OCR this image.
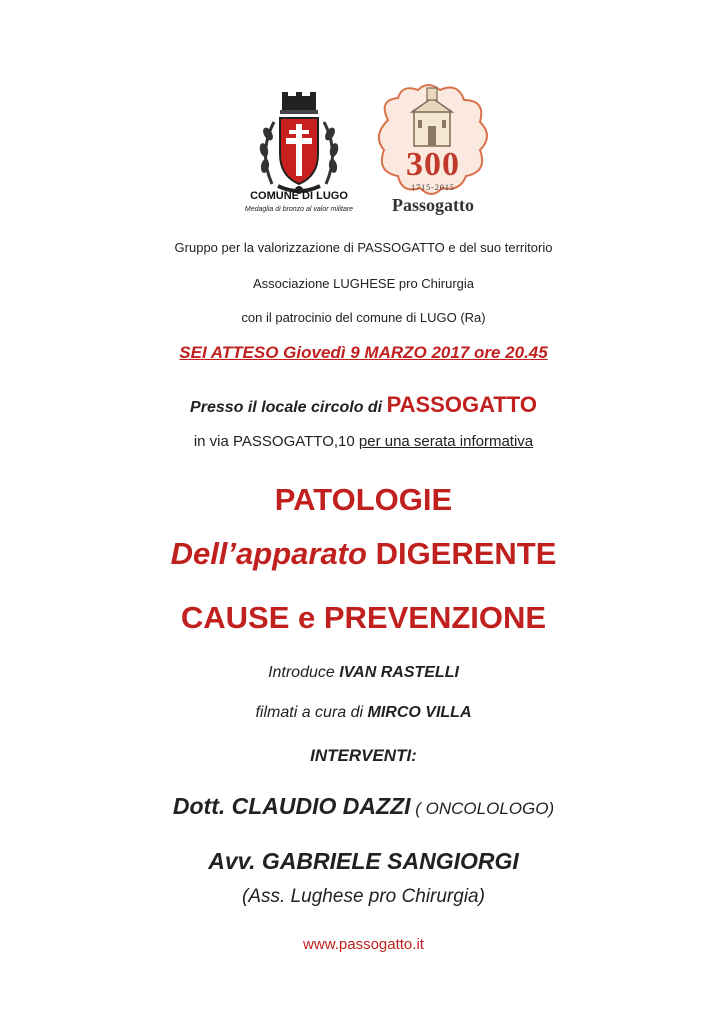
COMUNE DI LUGO
Medaglia di bronzo al valor militare
300
1715-2015
Passogatto
Gruppo per la valorizzazione di PASSOGATTO e del suo territorio
Associazione LUGHESE pro Chirurgia
con il patrocinio del comune di LUGO (Ra)
SEI ATTESO Giovedì 9 MARZO 2017 ore 20.45
Presso il locale circolo di PASSOGATTO
in via PASSOGATTO,10 per una serata informativa
PATOLOGIE
Dell’apparato DIGERENTE
CAUSE e PREVENZIONE
Introduce IVAN RASTELLI
filmati a cura di MIRCO VILLA
INTERVENTI:
Dott. CLAUDIO DAZZI ( ONCOLOLOGO)
Avv. GABRIELE SANGIORGI
(Ass. Lughese pro Chirurgia)
www.passogatto.it
